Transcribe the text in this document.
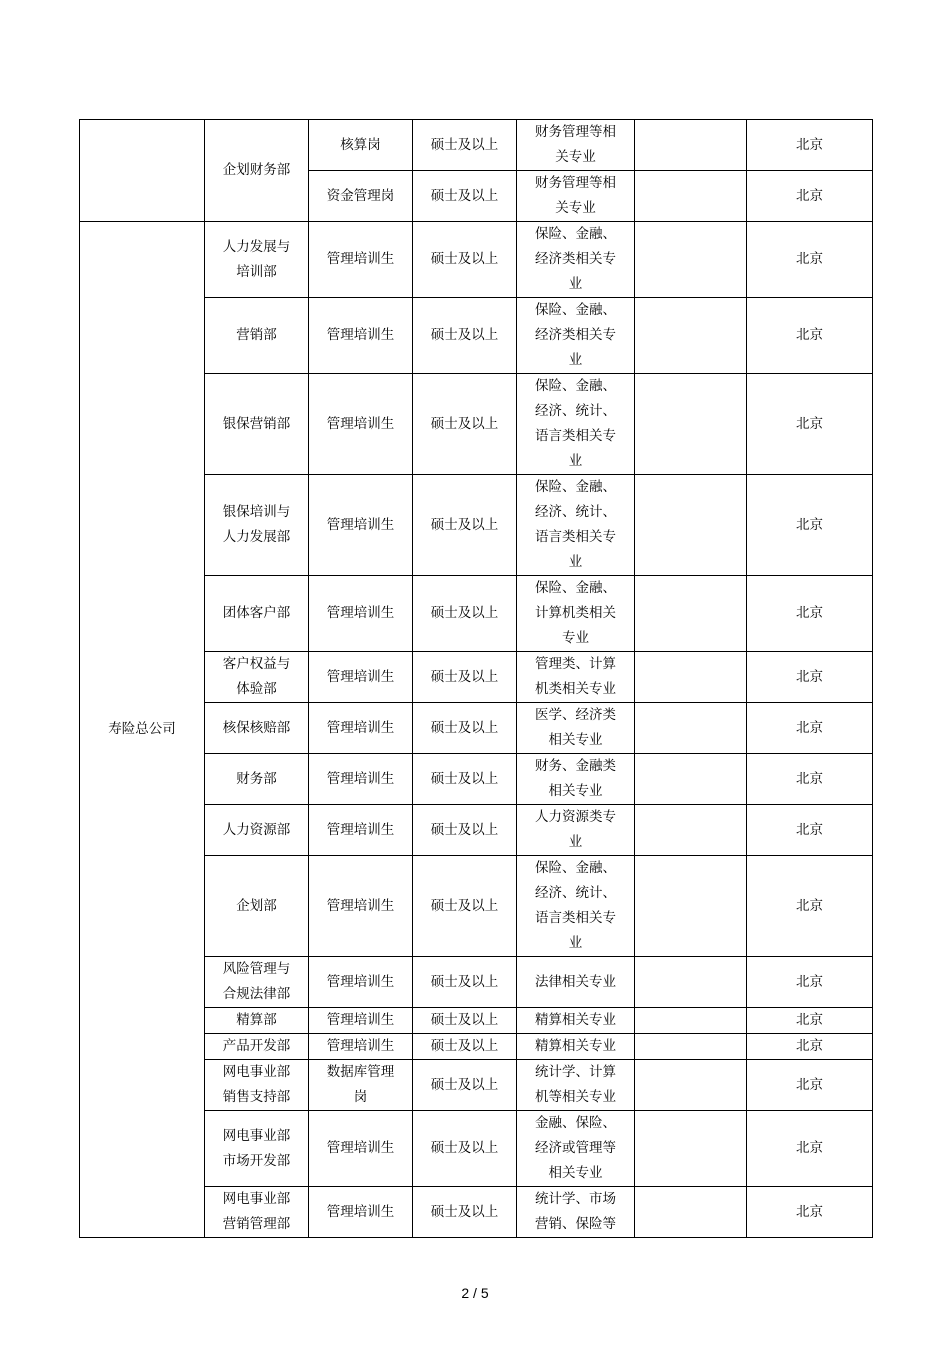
	企划财务部	核算岗	硕士及以上	财务管理等相
关专业		北京
		资金管理岗	硕士及以上	财务管理等相
关专业		北京
寿险总公司	人力发展与
培训部	管理培训生	硕士及以上	保险、金融、
经济类相关专
业		北京
	营销部	管理培训生	硕士及以上	保险、金融、
经济类相关专
业		北京
	银保营销部	管理培训生	硕士及以上	保险、金融、
经济、统计、
语言类相关专
业		北京
	银保培训与
人力发展部	管理培训生	硕士及以上	保险、金融、
经济、统计、
语言类相关专
业		北京
	团体客户部	管理培训生	硕士及以上	保险、金融、
计算机类相关
专业		北京
	客户权益与
体验部	管理培训生	硕士及以上	管理类、计算
机类相关专业		北京
	核保核赔部	管理培训生	硕士及以上	医学、经济类
相关专业		北京
	财务部	管理培训生	硕士及以上	财务、金融类
相关专业		北京
	人力资源部	管理培训生	硕士及以上	人力资源类专
业		北京
	企划部	管理培训生	硕士及以上	保险、金融、
经济、统计、
语言类相关专
业		北京
	风险管理与
合规法律部	管理培训生	硕士及以上	法律相关专业		北京
	精算部	管理培训生	硕士及以上	精算相关专业		北京
	产品开发部	管理培训生	硕士及以上	精算相关专业		北京
	网电事业部
销售支持部	数据库管理
岗	硕士及以上	统计学、计算
机等相关专业		北京
	网电事业部
市场开发部	管理培训生	硕士及以上	金融、保险、
经济或管理等
相关专业		北京
	网电事业部
营销管理部	管理培训生	硕士及以上	统计学、市场
营销、保险等		北京
2 / 5
